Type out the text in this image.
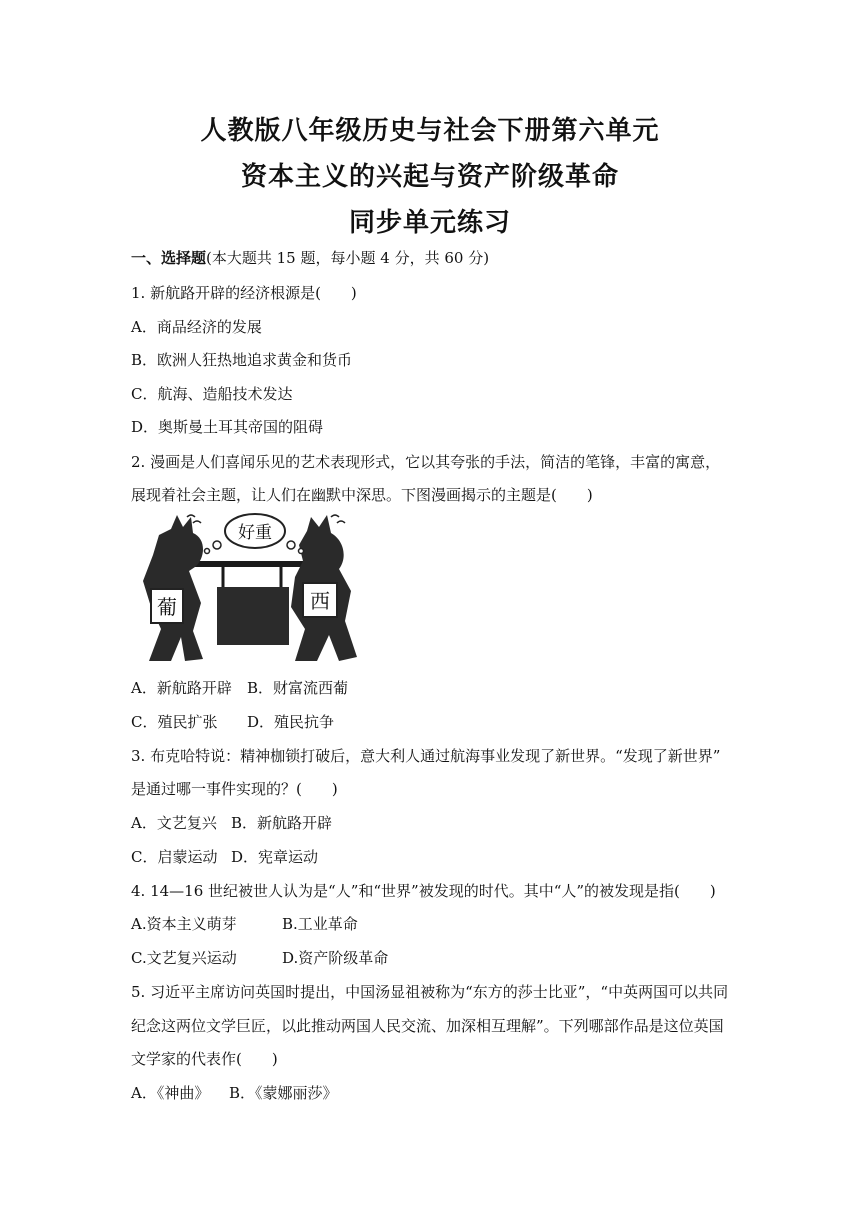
人教版八年级历史与社会下册第六单元
资本主义的兴起与资产阶级革命
同步单元练习

一、选择题(本大题共 15 题，每小题 4 分，共 60 分)

1. 新航路开辟的经济根源是(　　)

A．商品经济的发展

B．欧洲人狂热地追求黄金和货币

C．航海、造船技术发达

D．奥斯曼土耳其帝国的阻碍

2. 漫画是人们喜闻乐见的艺术表现形式，它以其夸张的手法，简洁的笔锋，丰富的寓意，

展现着社会主题，让人们在幽默中深思。下图漫画揭示的主题是(　　)

葡	西
好重

A．新航路开辟 B．财富流西葡

C．殖民扩张 D．殖民抗争

3. 布克哈特说：精神枷锁打破后，意大利人通过航海事业发现了新世界。“发现了新世界”

是通过哪一事件实现的？(　　)

A．文艺复兴 B．新航路开辟

C．启蒙运动 D．宪章运动

4. 14—16 世纪被世人认为是“人”和“世界”被发现的时代。其中“人”的被发现是指(　　)

A.资本主义萌芽	B.工业革命

C.文艺复兴运动	D.资产阶级革命

5. 习近平主席访问英国时提出，中国汤显祖被称为“东方的莎士比亚”，“中英两国可以共同

纪念这两位文学巨匠，以此推动两国人民交流、加深相互理解”。下列哪部作品是这位英国

文学家的代表作(　　)

A．《神曲》 B．《蒙娜丽莎》
